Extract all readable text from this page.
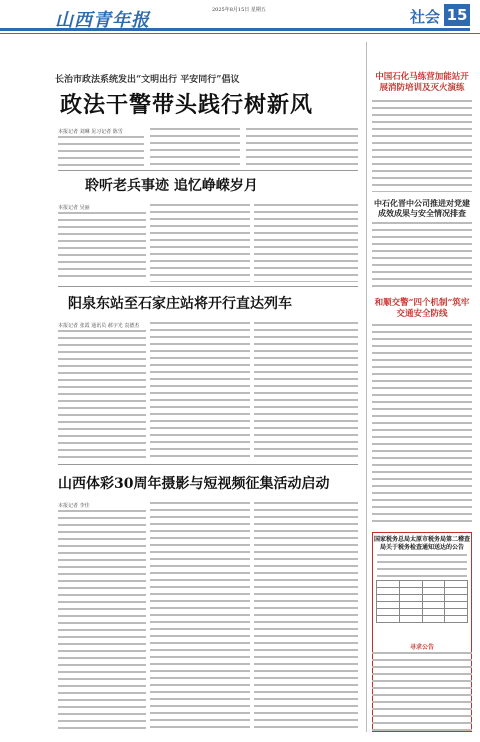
山西青年报	2025年8月15日 星期五	社会 15
长治市政法系统发出“文明出行 平安同行”倡议
政法干警带头践行树新风
本报记者 刘琳 见习记者 陈雪
聆听老兵事迹 追忆峥嵘岁月
本报记者 吴丽
阳泉东站至石家庄站将开行直达列车
本报记者 张霞 通讯员 郝宇光 袁德杰
山西体彩30周年摄影与短视频征集活动启动
本报记者 李佳
中国石化马练营加能站开展消防培训及灭火演练
中石化晋中公司推进对党建成效成果与安全情况排查
和顺交警“四个机制”筑牢交通安全防线
国家税务总局太原市税务局第二稽查局关于税务检查通知送达的公告

寻求公告
